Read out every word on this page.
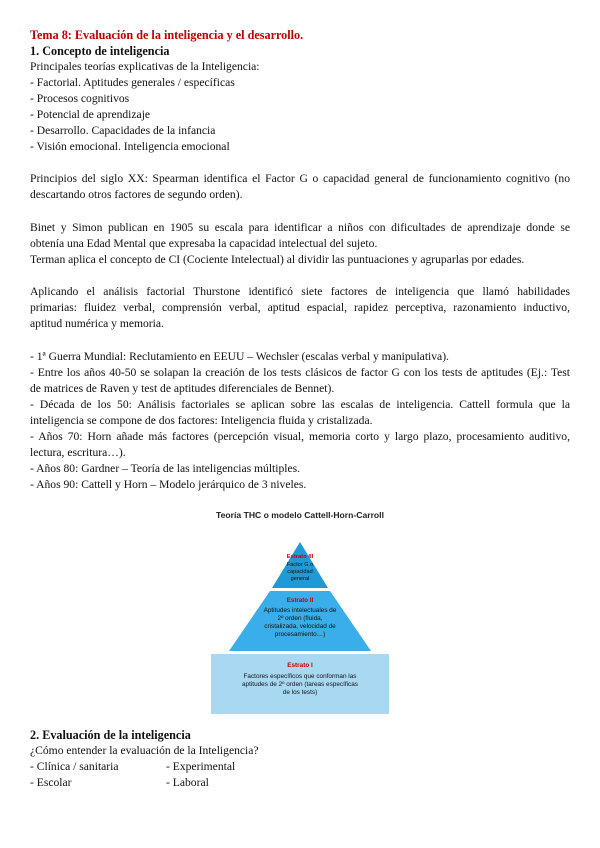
Tema 8: Evaluación de la inteligencia y el desarrollo.
1. Concepto de inteligencia
Principales teorías explicativas de la Inteligencia:
- Factorial. Aptitudes generales / específicas
- Procesos cognitivos
- Potencial de aprendizaje
- Desarrollo. Capacidades de la infancia
- Visión emocional. Inteligencia emocional
Principios del siglo XX: Spearman identifica el Factor G o capacidad general de funcionamiento cognitivo (no
descartando otros factores de segundo orden).
Binet y Simon publican en 1905 su escala para identificar a niños con dificultades de aprendizaje donde se
obtenía una Edad Mental que expresaba la capacidad intelectual del sujeto.
Terman aplica el concepto de CI (Cociente Intelectual) al dividir las puntuaciones y agruparlas por edades.
Aplicando el análisis factorial Thurstone identificó siete factores de inteligencia que llamó habilidades
primarias: fluidez verbal, comprensión verbal, aptitud espacial, rapidez perceptiva, razonamiento inductivo,
aptitud numérica y memoria.
- 1ª Guerra Mundial: Reclutamiento en EEUU – Wechsler (escalas verbal y manipulativa).
- Entre los años 40-50 se solapan la creación de los tests clásicos de factor G con los tests de aptitudes (Ej.: Test
de matrices de Raven y test de aptitudes diferenciales de Bennet).
- Década de los 50: Análisis factoriales se aplican sobre las escalas de inteligencia. Cattell formula que la
inteligencia se compone de dos factores: Inteligencia fluida y cristalizada.
- Años 70: Horn añade más factores (percepción visual, memoria corto y largo plazo, procesamiento auditivo,
lectura, escritura…).
- Años 80: Gardner – Teoría de las inteligencias múltiples.
- Años 90: Cattell y Horn – Modelo jerárquico de 3 niveles.
Teoría THC o modelo Cattell-Horn-Carroll
Estrato III
Factor G o
capacidad
general
Estrato II
Aptitudes intelectuales de
2º orden (fluida,
cristalizada, velocidad de
procesamiento…)
Estrato I
Factores específicos que conforman las
aptitudes de 2º orden (tareas específicas
de los tests)
2. Evaluación de la inteligencia
¿Cómo entender la evaluación de la Inteligencia?
- Clínica / sanitaria	- Experimental
- Escolar	- Laboral
